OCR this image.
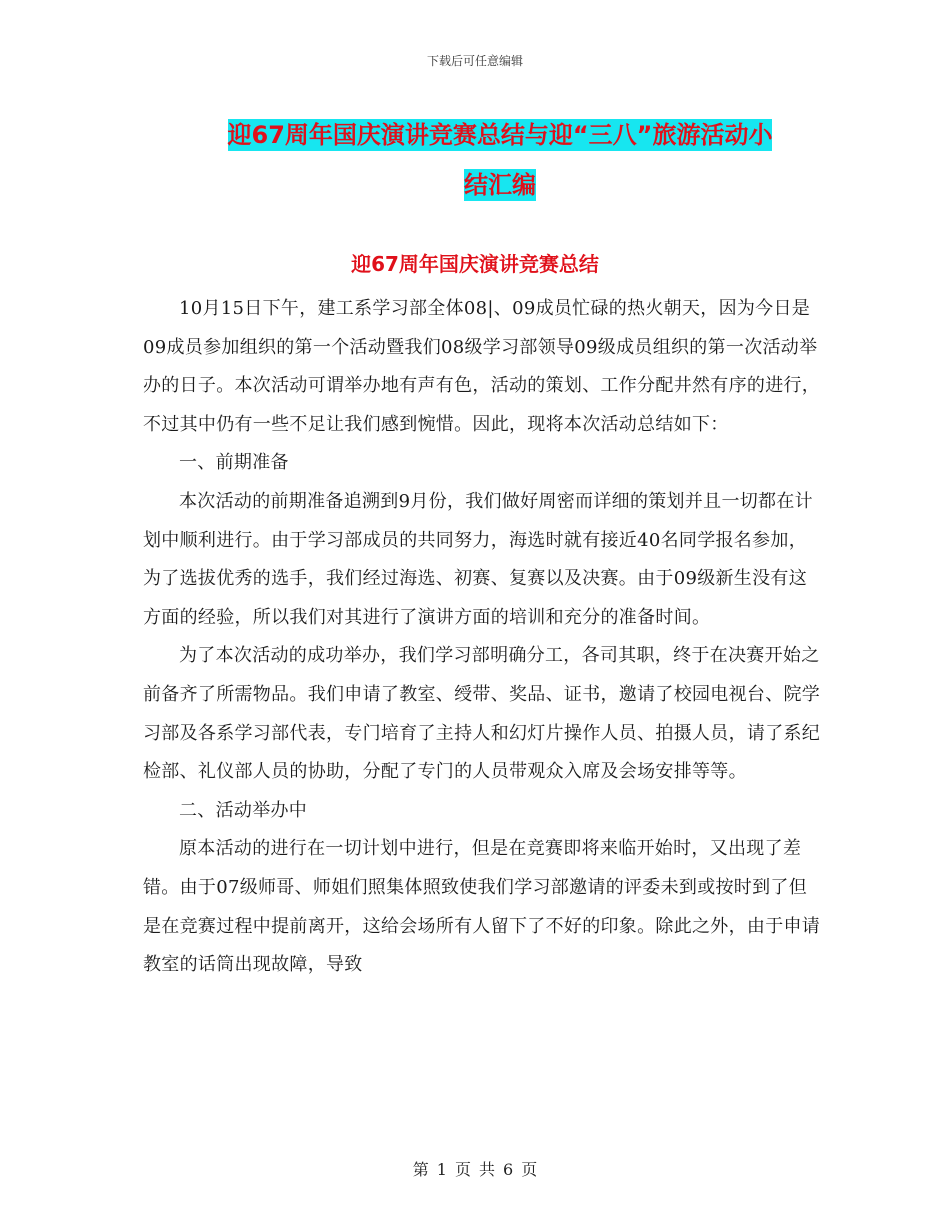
下载后可任意编辑
迎67周年国庆演讲竞赛总结与迎“三八”旅游活动小
结汇编
迎67周年国庆演讲竞赛总结

10月15日下午，建工系学习部全体08|、09成员忙碌的热火朝天，因为今日是09成员参加组织的第一个活动暨我们08级学习部领导09级成员组织的第一次活动举办的日子。本次活动可谓举办地有声有色，活动的策划、工作分配井然有序的进行，不过其中仍有一些不足让我们感到惋惜。因此，现将本次活动总结如下：

一、前期准备

本次活动的前期准备追溯到9月份，我们做好周密而详细的策划并且一切都在计划中顺利进行。由于学习部成员的共同努力，海选时就有接近40名同学报名参加，为了选拔优秀的选手，我们经过海选、初赛、复赛以及决赛。由于09级新生没有这方面的经验，所以我们对其进行了演讲方面的培训和充分的准备时间。

为了本次活动的成功举办，我们学习部明确分工，各司其职，终于在决赛开始之前备齐了所需物品。我们申请了教室、绶带、奖品、证书，邀请了校园电视台、院学习部及各系学习部代表，专门培育了主持人和幻灯片操作人员、拍摄人员，请了系纪检部、礼仪部人员的协助，分配了专门的人员带观众入席及会场安排等等。

二、活动举办中

原本活动的进行在一切计划中进行，但是在竞赛即将来临开始时，又出现了差错。由于07级师哥、师姐们照集体照致使我们学习部邀请的评委未到或按时到了但是在竞赛过程中提前离开，这给会场所有人留下了不好的印象。除此之外，由于申请教室的话筒出现故障，导致

第 1 页 共 6 页
